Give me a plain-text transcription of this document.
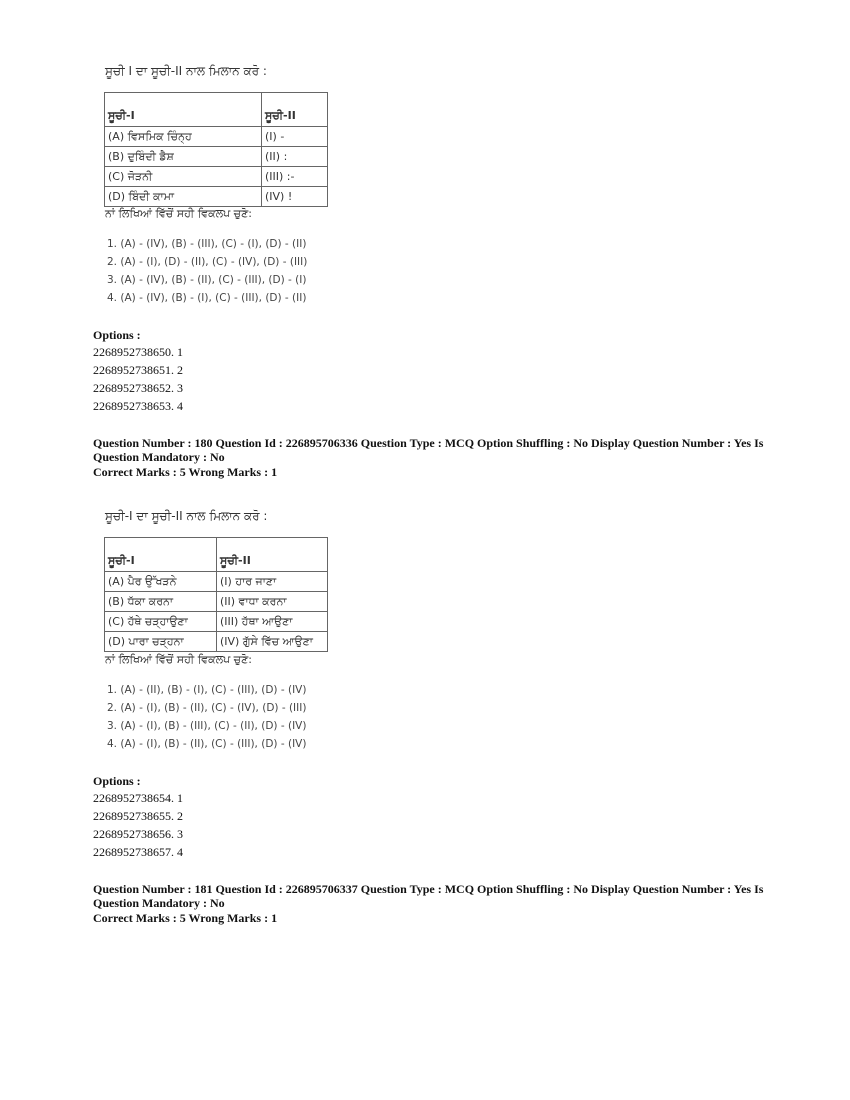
ਸੂਚੀ I ਦਾ ਸੂਚੀ-II ਨਾਲ ਮਿਲਾਨ ਕਰੋ :
ਸੂਚੀ-I	ਸੂਚੀ-II
(A) ਵਿਸਮਿਕ ਚਿੰਨ੍ਹ	(I) -
(B) ਦੁਬਿੰਦੀ ਡੈਸ਼	(II) :
(C) ਜੋੜਨੀ	(III) :-
(D) ਬਿੰਦੀ ਕਾਮਾ	(IV) !
ਨਾਂ ਲਿਖਿਆਂ ਵਿੱਚੋਂ ਸਹੀ ਵਿਕਲਪ ਚੁਣੋ:
1. (A) - (IV), (B) - (III), (C) - (I), (D) - (II)
2. (A) - (I), (D) - (II), (C) - (IV), (D) - (III)
3. (A) - (IV), (B) - (II), (C) - (III), (D) - (I)
4. (A) - (IV), (B) - (I), (C) - (III), (D) - (II)
Options :
2268952738650. 1
2268952738651. 2
2268952738652. 3
2268952738653. 4

Question Number : 180 Question Id : 226895706336 Question Type : MCQ Option Shuffling : No Display Question Number : Yes Is Question Mandatory : No

Correct Marks : 5 Wrong Marks : 1

ਸੂਚੀ-I ਦਾ ਸੂਚੀ-II ਨਾਲ ਮਿਲਾਨ ਕਰੋ :
ਸੂਚੀ-I	ਸੂਚੀ-II
(A) ਪੈਰ ਉੱਖੜਨੇ	(I) ਹਾਰ ਜਾਣਾ
(B) ਧੱਕਾ ਕਰਨਾ	(II) ਵਾਧਾ ਕਰਨਾ
(C) ਹੱਥੇ ਚੜ੍ਹਾਉਣਾ	(III) ਹੱਥਾ ਆਉਣਾ
(D) ਪਾਰਾ ਚੜ੍ਹਨਾ	(IV) ਗੁੱਸੇ ਵਿੱਚ ਆਉਣਾ
ਨਾਂ ਲਿਖਿਆਂ ਵਿੱਚੋਂ ਸਹੀ ਵਿਕਲਪ ਚੁਣੋ:
1. (A) - (II), (B) - (I), (C) - (III), (D) - (IV)
2. (A) - (I), (B) - (II), (C) - (IV), (D) - (III)
3. (A) - (I), (B) - (III), (C) - (II), (D) - (IV)
4. (A) - (I), (B) - (II), (C) - (III), (D) - (IV)
Options :
2268952738654. 1
2268952738655. 2
2268952738656. 3
2268952738657. 4

Question Number : 181 Question Id : 226895706337 Question Type : MCQ Option Shuffling : No Display Question Number : Yes Is Question Mandatory : No

Correct Marks : 5 Wrong Marks : 1
